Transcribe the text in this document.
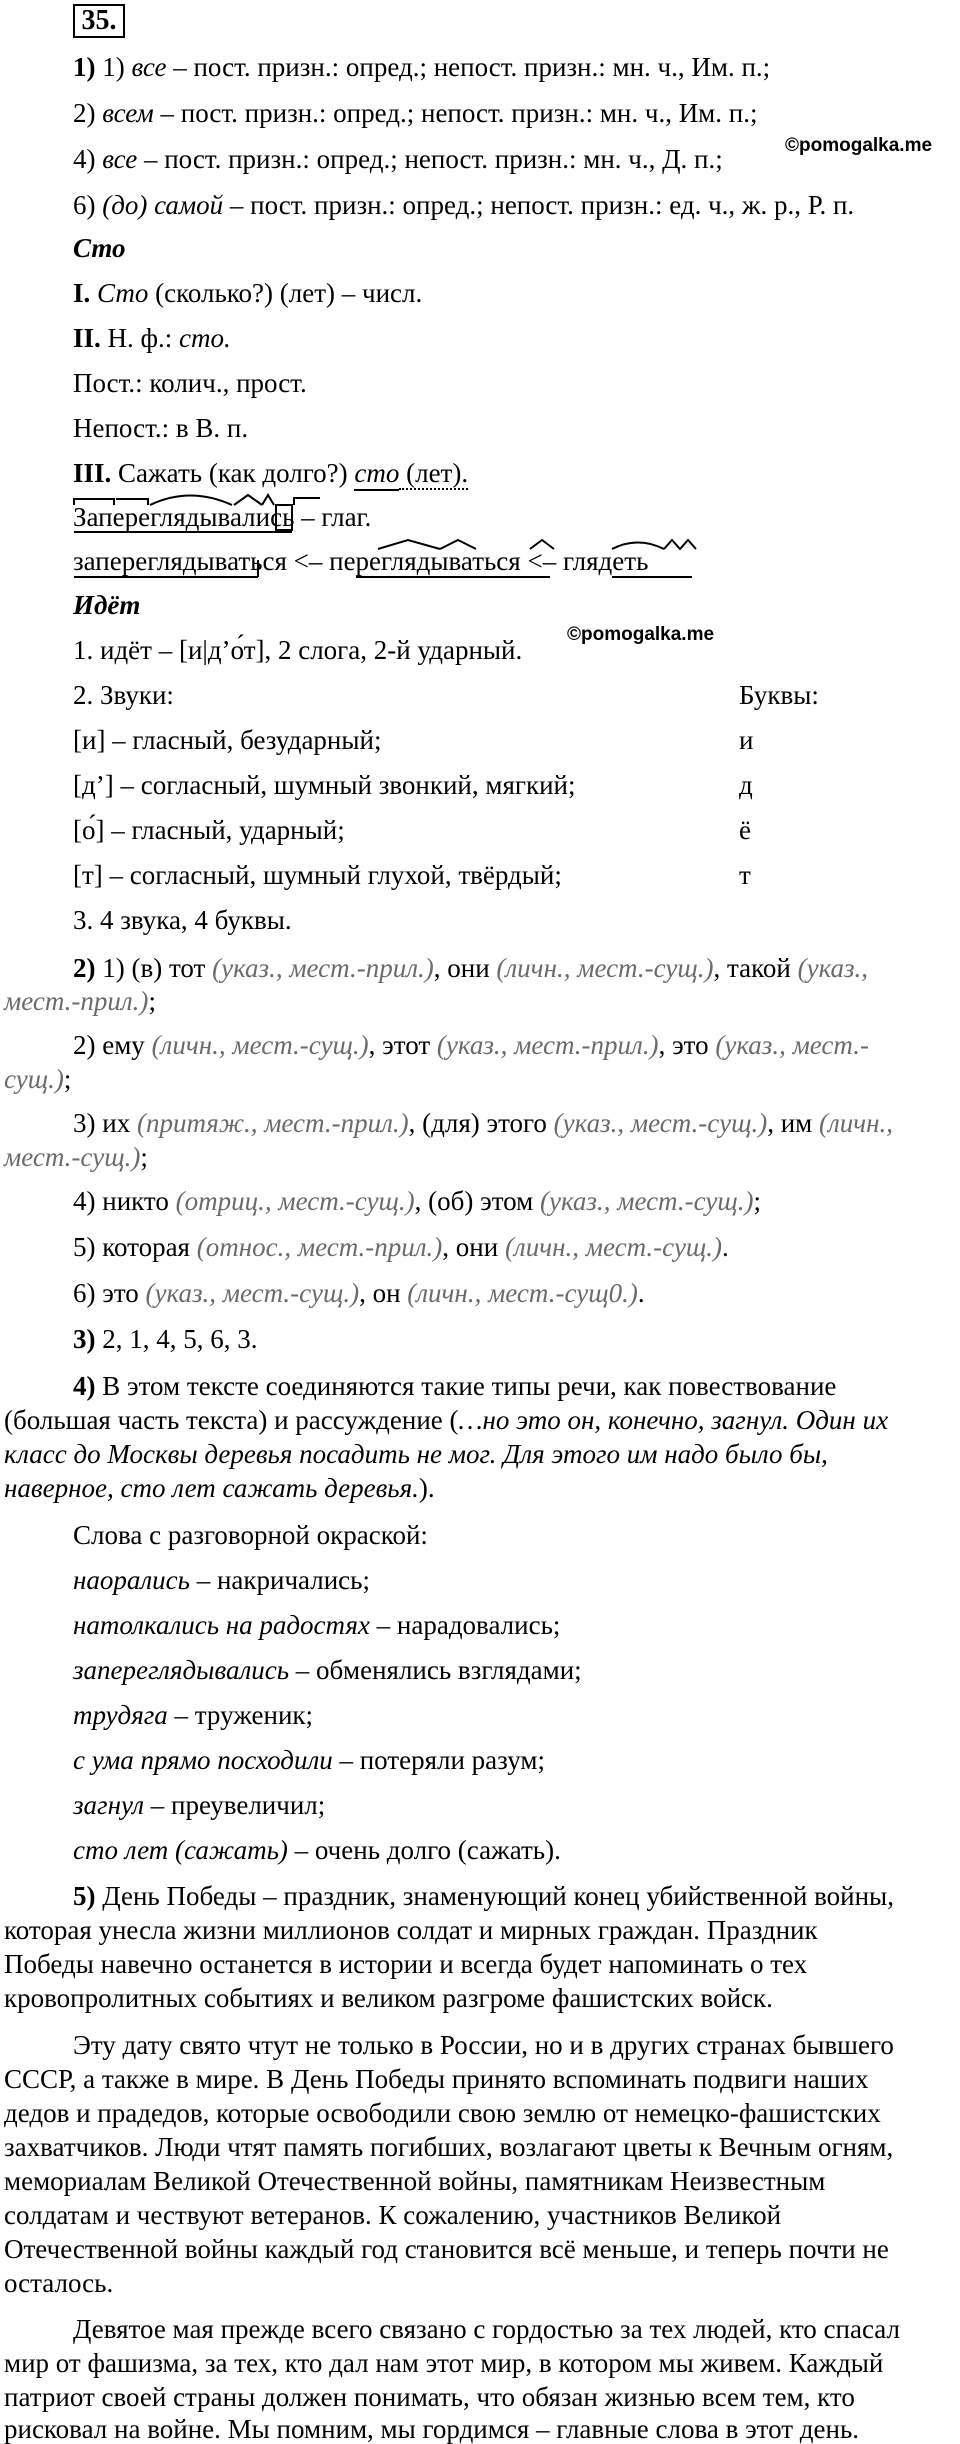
35.
1) 1) все – пост. призн.: опред.; непост. призн.: мн. ч., Им. п.;
2) всем – пост. призн.: опред.; непост. призн.: мн. ч., Им. п.;
4) все – пост. призн.: опред.; непост. призн.: мн. ч., Д. п.;	©pomogalka.me
6) (до) самой – пост. призн.: опред.; непост. призн.: ед. ч., ж. р., Р. п.
Сто
I. Сто (сколько?) (лет) – числ.
II. Н. ф.: сто.
Пост.: колич., прост.
Непост.: в В. п.
III. Сажать (как долго?) сто (лет).
Запереглядывались – глаг.
запереглядываться <– переглядываться <– глядеть
Идёт
1. идёт – [и|д’о́т], 2 слога, 2-й ударный.
©pomogalka.me
2. Звуки:	Буквы:
[и] – гласный, безударный;	и
[д’] – согласный, шумный звонкий, мягкий;	д
[о́] – гласный, ударный;	ё
[т] – согласный, шумный глухой, твёрдый;	т
3. 4 звука, 4 буквы.
2) 1) (в) тот (указ., мест.-прил.), они (личн., мест.-сущ.), такой (указ.,
мест.-прил.);
2) ему (личн., мест.-сущ.), этот (указ., мест.-прил.), это (указ., мест.-
сущ.);
3) их (притяж., мест.-прил.), (для) этого (указ., мест.-сущ.), им (личн.,
мест.-сущ.);
4) никто (отриц., мест.-сущ.), (об) этом (указ., мест.-сущ.);
5) которая (относ., мест.-прил.), они (личн., мест.-сущ.).
6) это (указ., мест.-сущ.), он (личн., мест.-сущ0.).
3) 2, 1, 4, 5, 6, 3.
4) В этом тексте соединяются такие типы речи, как повествование
(большая часть текста) и рассуждение (…но это он, конечно, загнул. Один их
класс до Москвы деревья посадить не мог. Для этого им надо было бы,
наверное, сто лет сажать деревья.).
Слова с разговорной окраской:
наорались – накричались;
натолкались на радостях – нарадовались;
запереглядывались – обменялись взглядами;
трудяга – труженик;
с ума прямо посходили – потеряли разум;
загнул – преувеличил;
сто лет (сажать) – очень долго (сажать).
5) День Победы – праздник, знаменующий конец убийственной войны,
которая унесла жизни миллионов солдат и мирных граждан. Праздник
Победы навечно останется в истории и всегда будет напоминать о тех
кровопролитных событиях и великом разгроме фашистских войск.
Эту дату свято чтут не только в России, но и в других странах бывшего
СССР, а также в мире. В День Победы принято вспоминать подвиги наших
дедов и прадедов, которые освободили свою землю от немецко-фашистских
захватчиков. Люди чтят память погибших, возлагают цветы к Вечным огням,
мемориалам Великой Отечественной войны, памятникам Неизвестным
солдатам и чествуют ветеранов. К сожалению, участников Великой
Отечественной войны каждый год становится всё меньше, и теперь почти не
осталось.
Девятое мая прежде всего связано с гордостью за тех людей, кто спасал
мир от фашизма, за тех, кто дал нам этот мир, в котором мы живем. Каждый
патриот своей страны должен понимать, что обязан жизнью всем тем, кто
рисковал на войне. Мы помним, мы гордимся – главные слова в этот день.
